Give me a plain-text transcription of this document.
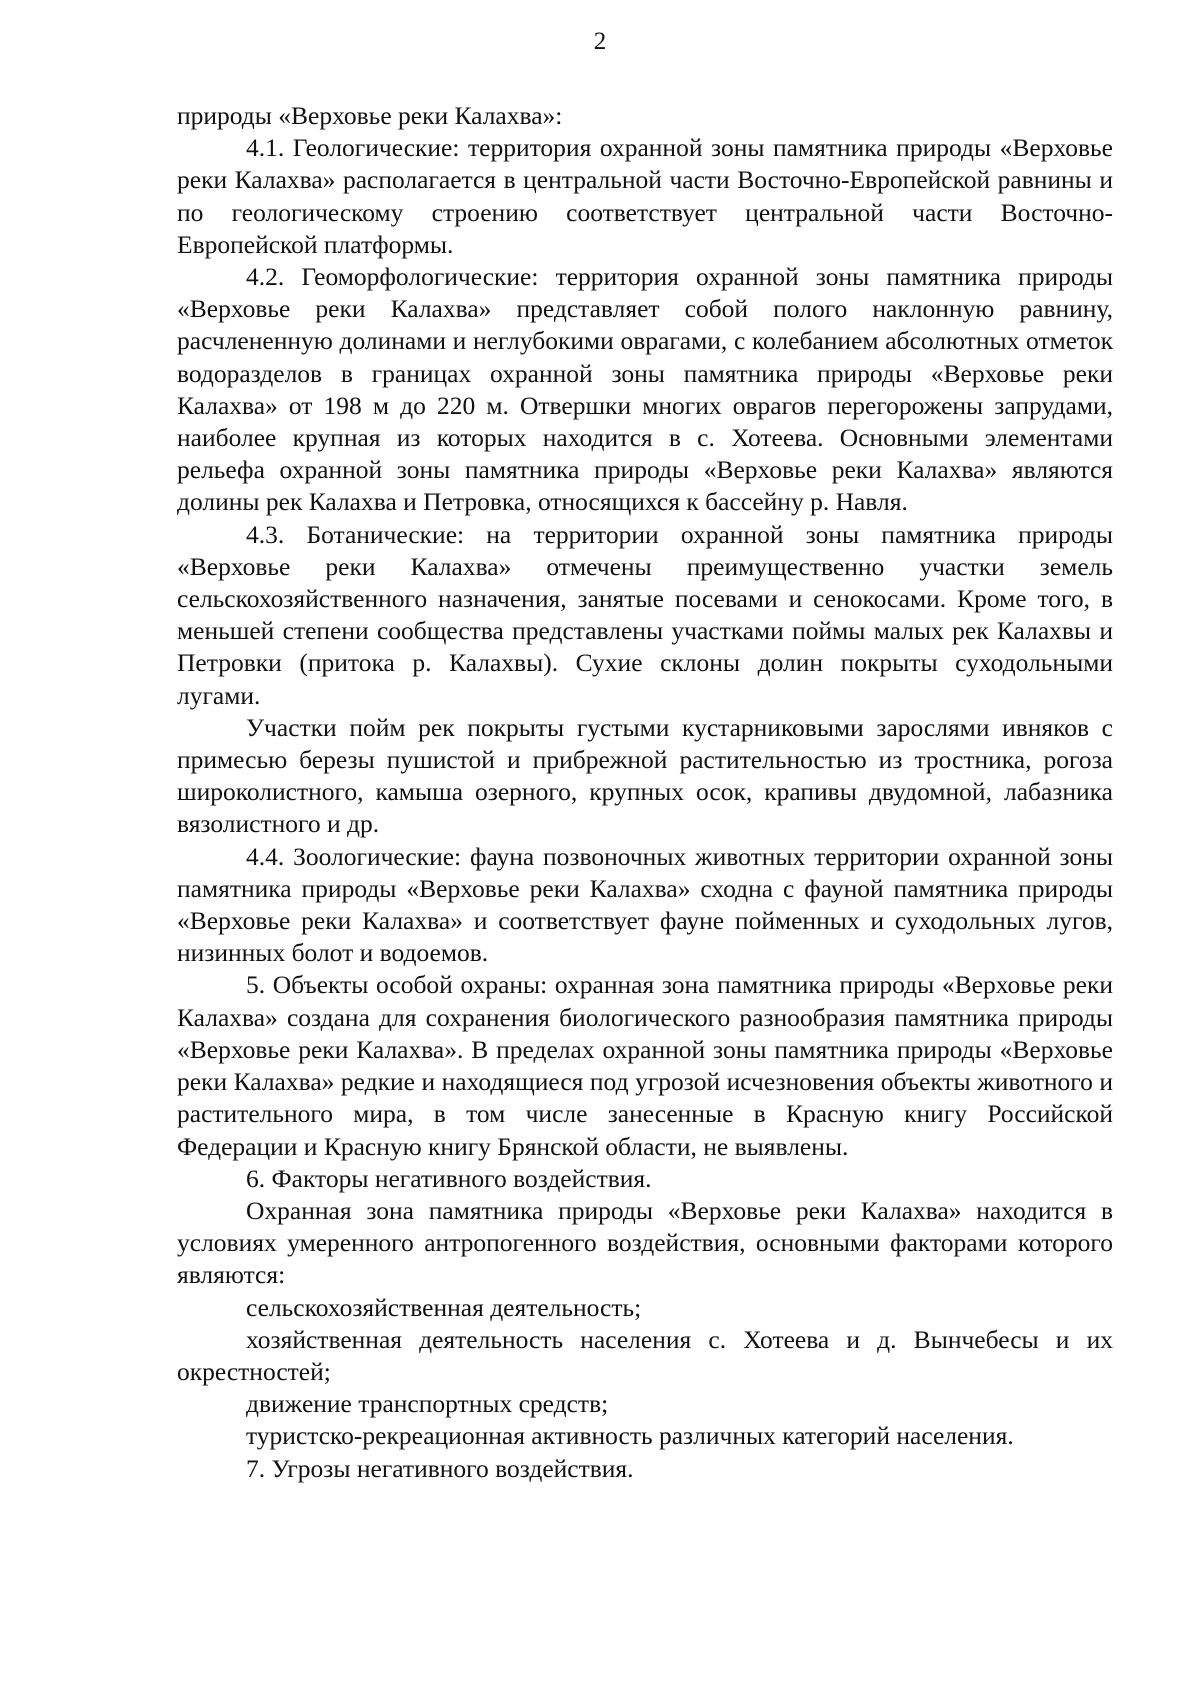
2

природы «Верховье реки Калахва»:

4.1. Геологические: территория охранной зоны памятника природы «Верховье реки Калахва» располагается в центральной части Восточно-Европейской равнины и по геологическому строению соответствует центральной части Восточно-Европейской платформы.

4.2. Геоморфологические: территория охранной зоны памятника природы «Верховье реки Калахва» представляет собой полого наклонную равнину, расчлененную долинами и неглубокими оврагами, с колебанием абсолютных отметок водоразделов в границах охранной зоны памятника природы «Верховье реки Калахва» от 198 м до 220 м. Отвершки многих оврагов перегорожены запрудами, наиболее крупная из которых находится в с. Хотеева. Основными элементами рельефа охранной зоны памятника природы «Верховье реки Калахва» являются долины рек Калахва и Петровка, относящихся к бассейну р. Навля.

4.3. Ботанические: на территории охранной зоны памятника природы «Верховье реки Калахва» отмечены преимущественно участки земель сельскохозяйственного назначения, занятые посевами и сенокосами. Кроме того, в меньшей степени сообщества представлены участками поймы малых рек Калахвы и Петровки (притока р. Калахвы). Сухие склоны долин покрыты суходольными лугами.

Участки пойм рек покрыты густыми кустарниковыми зарослями ивняков с примесью березы пушистой и прибрежной растительностью из тростника, рогоза широколистного, камыша озерного, крупных осок, крапивы двудомной, лабазника вязолистного и др.

4.4. Зоологические: фауна позвоночных животных территории охранной зоны памятника природы «Верховье реки Калахва» сходна с фауной памятника природы «Верховье реки Калахва» и соответствует фауне пойменных и суходольных лугов, низинных болот и водоемов.

5. Объекты особой охраны: охранная зона памятника природы «Верховье реки Калахва» создана для сохранения биологического разнообразия памятника природы «Верховье реки Калахва». В пределах охранной зоны памятника природы «Верховье реки Калахва» редкие и находящиеся под угрозой исчезновения объекты животного и растительного мира, в том числе занесенные в Красную книгу Российской Федерации и Красную книгу Брянской области, не выявлены.

6. Факторы негативного воздействия.

Охранная зона памятника природы «Верховье реки Калахва» находится в условиях умеренного антропогенного воздействия, основными факторами которого являются:

сельскохозяйственная деятельность;

хозяйственная деятельность населения с. Хотеева и д. Вынчебесы и их окрестностей;

движение транспортных средств;

туристско-рекреационная активность различных категорий населения.

7. Угрозы негативного воздействия.
